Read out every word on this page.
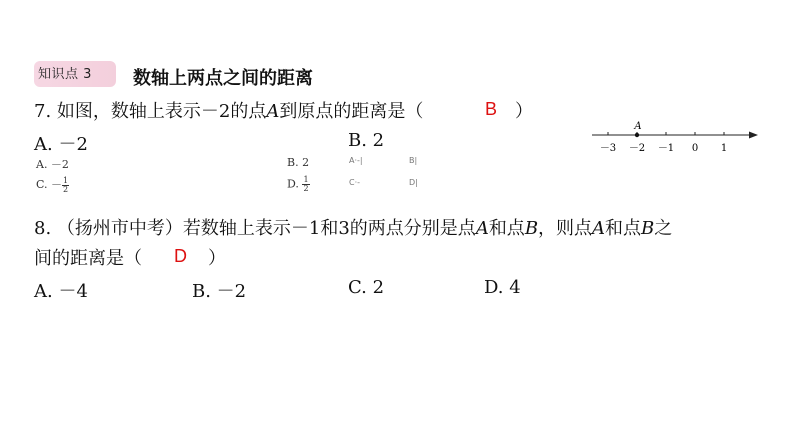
知识点 3 数轴上两点之间的距离
7. 如图，数轴上表示－2的点A到原点的距离是（	B ）
A. －2	B. 2
A. －2	B. 2
C. － $\frac{1}{2}$	D. $\frac{1}{2}$
A·-|	B|
C·-	D|
－3 －2 －1 0 1
A
8. （扬州市中考）若数轴上表示－1和3的两点分别是点A和点B，则点A和点B之
间的距离是（ D ）
A. －4	B. －2	C. 2	D. 4
